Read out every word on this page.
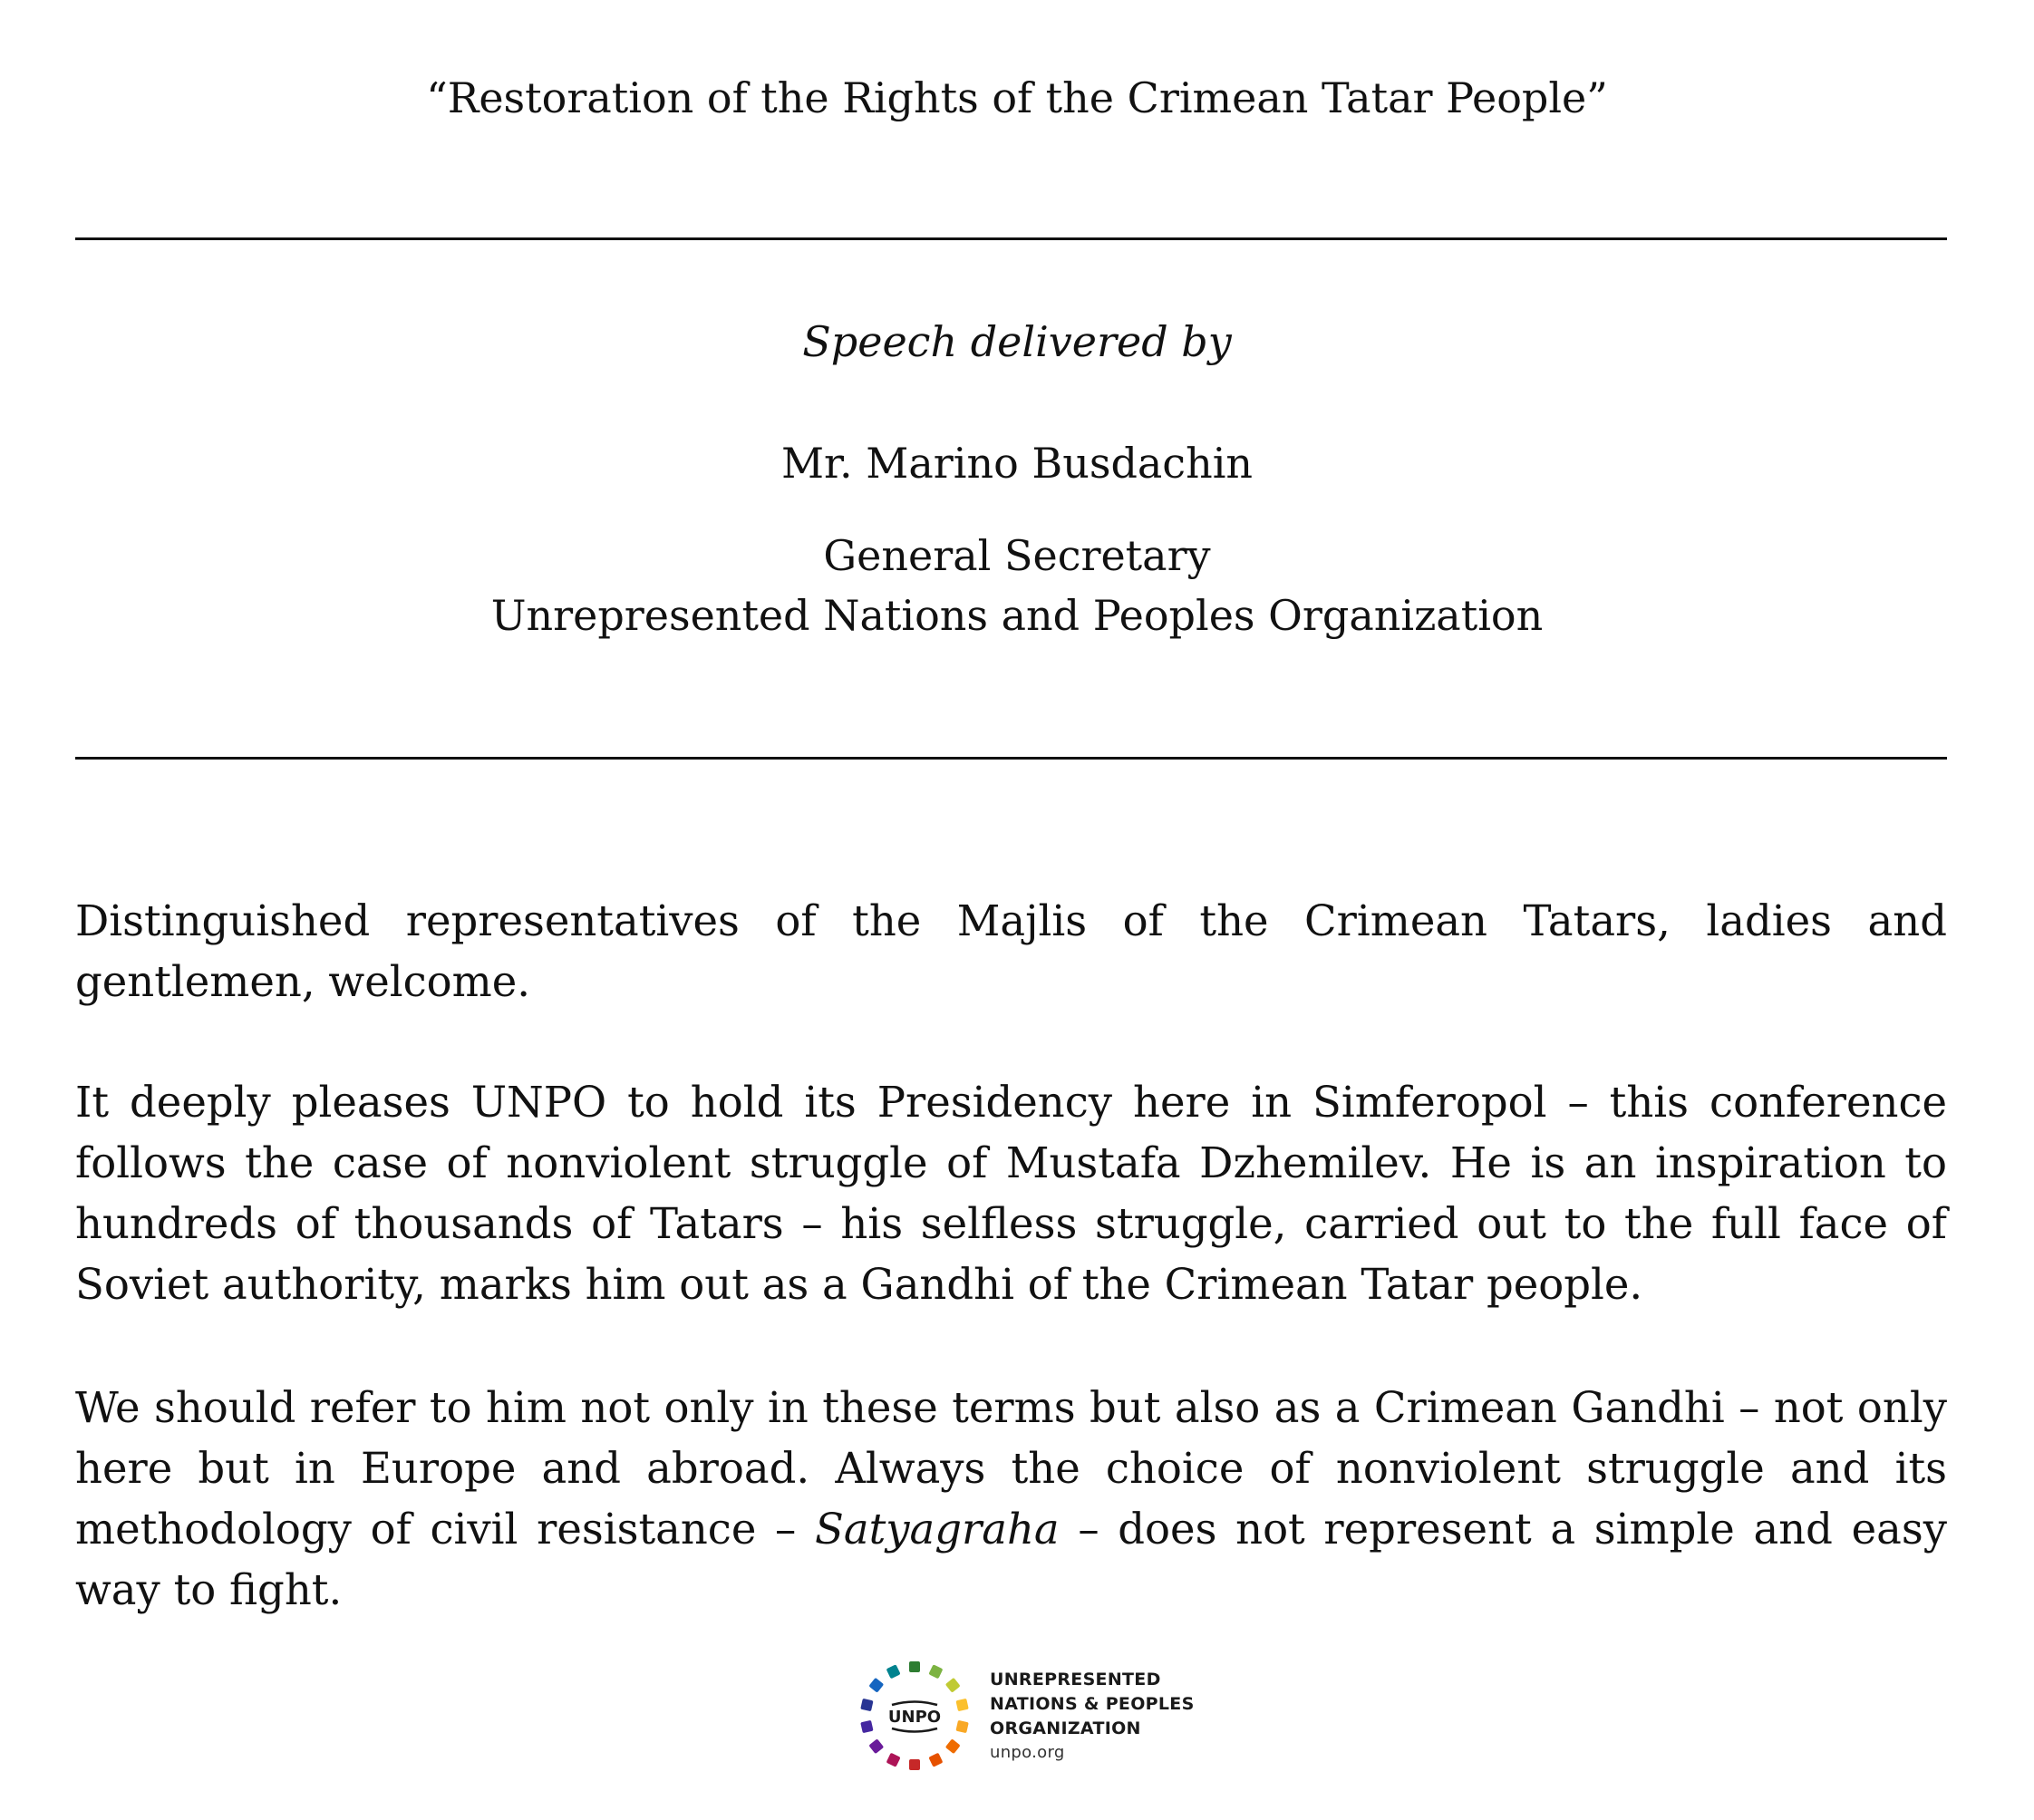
“Restoration of the Rights of the Crimean Tatar People”
Speech delivered by
Mr. Marino Busdachin
General Secretary
Unrepresented Nations and Peoples Organization

Distinguished representatives of the Majlis of the Crimean Tatars, ladies and gentlemen, welcome.

It deeply pleases UNPO to hold its Presidency here in Simferopol – this conference follows the case of nonviolent struggle of Mustafa Dzhemilev. He is an inspiration to hundreds of thousands of Tatars – his selfless struggle, carried out to the full face of Soviet authority, marks him out as a Gandhi of the Crimean Tatar people.

We should refer to him not only in these terms but also as a Crimean Gandhi – not only here but in Europe and abroad. Always the choice of nonviolent struggle and its methodology of civil resistance – Satyagraha – does not represent a simple and easy way to fight.

UNPO
UNREPRESENTED
NATIONS & PEOPLES
ORGANIZATION
unpo.org
